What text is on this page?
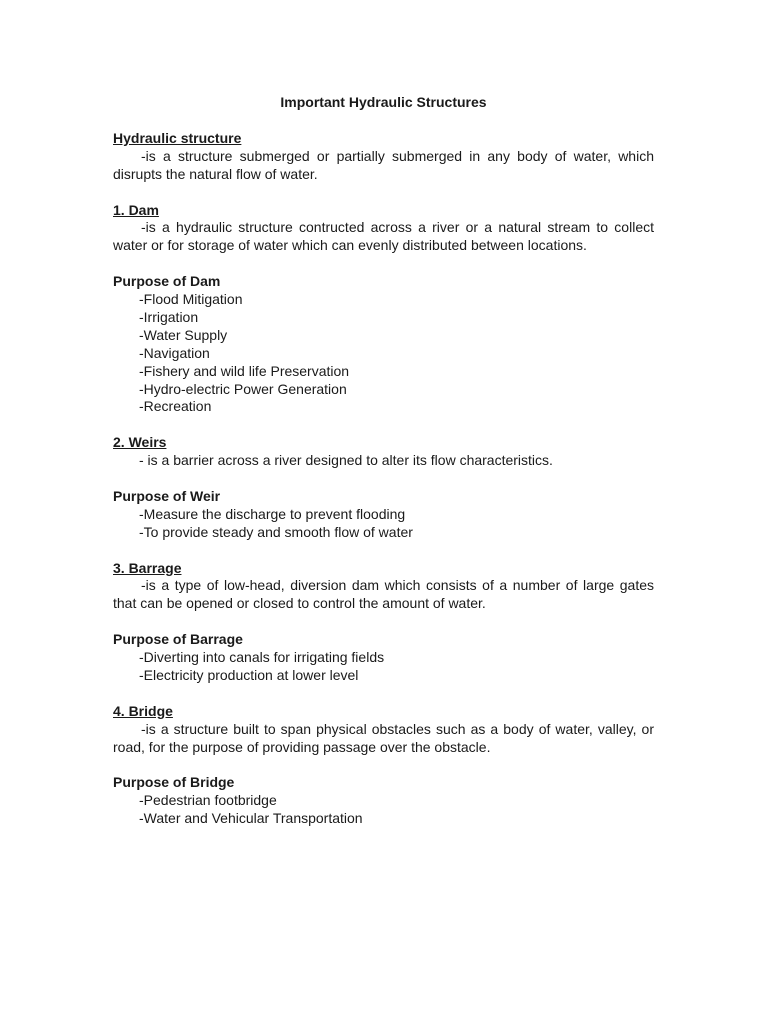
Important Hydraulic Structures
Hydraulic structure
-is a structure submerged or partially submerged in any body of water, which disrupts the natural flow of water.
1. Dam
-is a hydraulic structure contructed across a river or a natural stream to collect water or for storage of water which can evenly distributed between locations.
Purpose of Dam
-Flood Mitigation
-Irrigation
-Water Supply
-Navigation
-Fishery and wild life Preservation
-Hydro-electric Power Generation
-Recreation
2. Weirs
- is a barrier across a river designed to alter its flow characteristics.
Purpose of Weir
-Measure the discharge to prevent flooding
-To provide steady and smooth flow of water
3. Barrage
-is a type of low-head, diversion dam which consists of a number of large gates that can be opened or closed to control the amount of water.
Purpose of Barrage
-Diverting into canals for irrigating fields
-Electricity production at lower level
4. Bridge
-is a structure built to span physical obstacles such as a body of water, valley, or road, for the purpose of providing passage over the obstacle.
Purpose of Bridge
-Pedestrian footbridge
-Water and Vehicular Transportation
